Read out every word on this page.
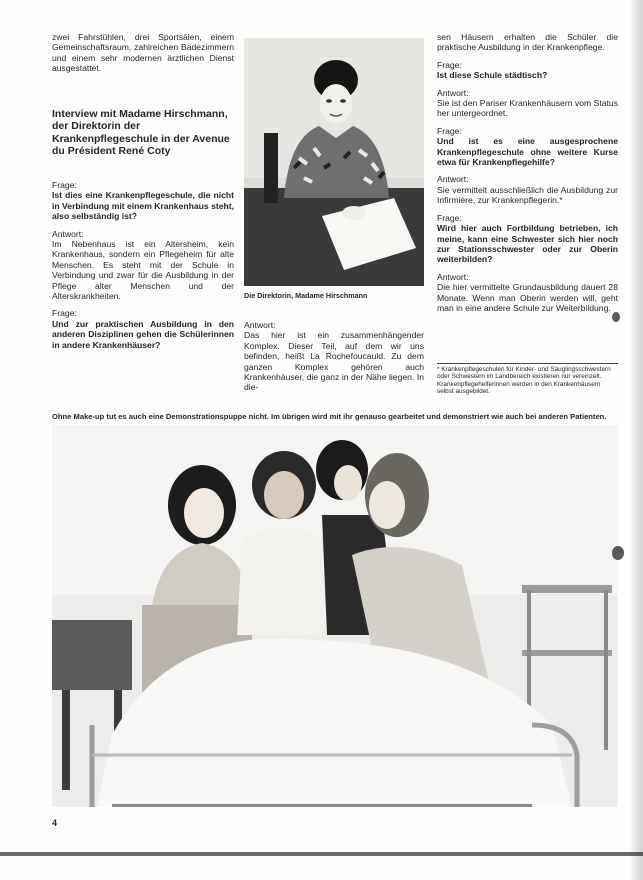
zwei Fahrstühlen, drei Sportsälen, einem Gemeinschaftsraum, zahlreichen Badezimmern und einem sehr modernen ärztlichen Dienst ausgestattet.

Interview mit Madame Hirschmann, der Direktorin der Krankenpflegeschule in der Avenue du Président René Coty

Frage:

Ist dies eine Krankenpflegeschule, die nicht in Verbindung mit einem Krankenhaus steht, also selbständig ist?

Antwort:

Im Nebenhaus ist ein Altersheim, kein Krankenhaus, sondern ein Pflegeheim für alte Menschen. Es steht mit der Schule in Verbindung und zwar für die Ausbildung in der Pflege alter Menschen und der Alterskrankheiten.

Frage:

Und zur praktischen Ausbildung in den anderen Disziplinen gehen die Schülerinnen in andere Krankenhäuser?

Die Direktorin, Madame Hirschmann

Antwort:

Das hier ist ein zusammenhängender Komplex. Dieser Teil, auf dem wir uns befinden, heißt La Rochefoucauld. Zu dem ganzen Komplex gehören auch Krankenhäuser, die ganz in der Nähe liegen. In die-

sen Häusern erhalten die Schüler die praktische Ausbildung in der Krankenpflege.

Frage:

Ist diese Schule städtisch?

Antwort:

Sie ist den Pariser Krankenhäusern vom Status her untergeordnet.

Frage:

Und ist es eine ausgesprochene Krankenpflegeschule ohne weitere Kurse etwa für Krankenpflegehilfe?

Antwort:

Sie vermittelt ausschließlich die Ausbildung zur Infirmière, zur Krankenpflegerin.*

Frage:

Wird hier auch Fortbildung betrieben, ich meine, kann eine Schwester sich hier noch zur Stationsschwester oder zur Oberin weiterbilden?

Antwort:

Die hier vermittelte Grundausbildung dauert 28 Monate. Wenn man Oberin werden will, geht man in eine andere Schule zur Weiterbildung.

* Krankenpflegeschulen für Kinder- und Säuglingsschwestern oder Schwestern im Landbereich existieren nur vereinzelt. Krankenpflegehelferinnen werden in den Krankenhäusern selbst ausgebildet.
Ohne Make-up tut es auch eine Demonstrationspuppe nicht. Im übrigen wird mit ihr genauso gearbeitet und demonstriert wie auch bei anderen Patienten.
4
